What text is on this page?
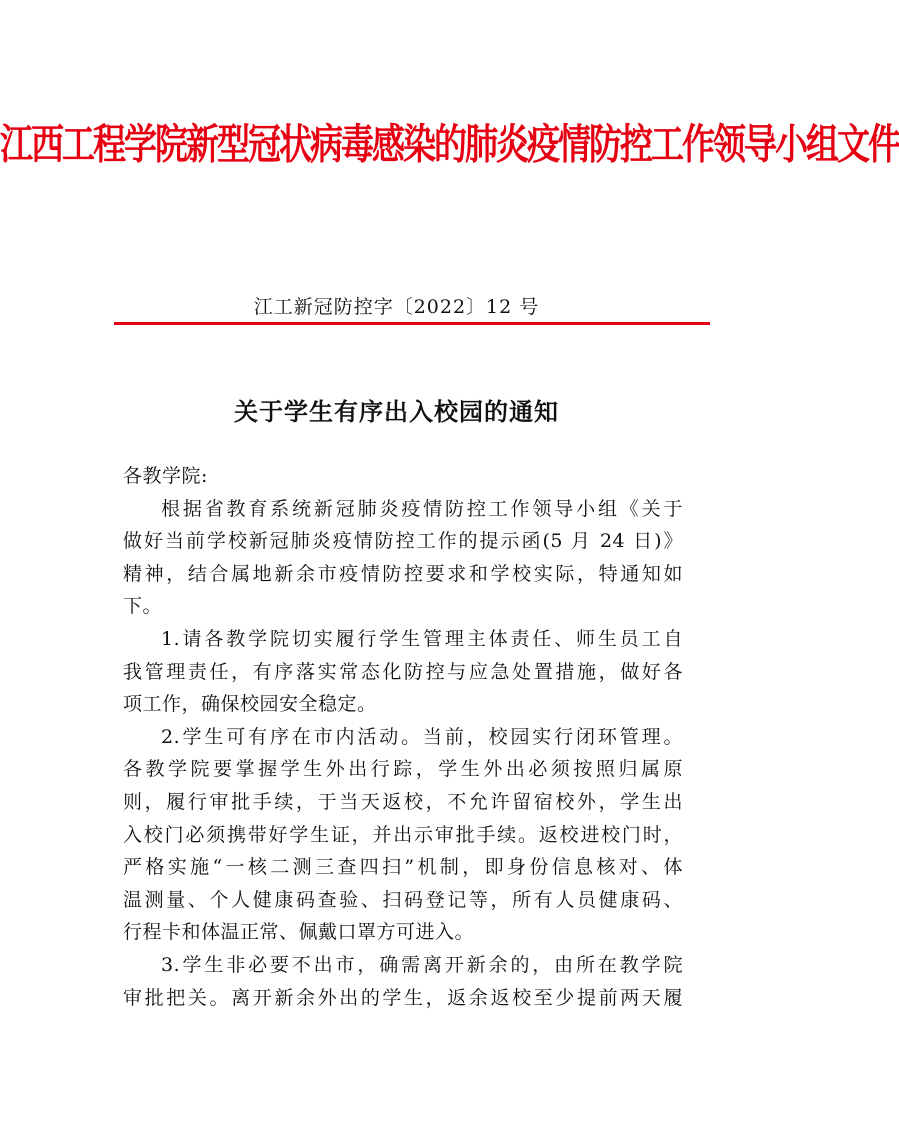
江西工程学院新型冠状病毒感染的肺炎疫情防控工作领导小组文件
江工新冠防控字〔2022〕12 号
关于学生有序出入校园的通知
各教学院:
根据省教育系统新冠肺炎疫情防控工作领导小组《关于
做好当前学校新冠肺炎疫情防控工作的提示函(5 月 24 日)》
精神，结合属地新余市疫情防控要求和学校实际，特通知如
下。
1.请各教学院切实履行学生管理主体责任、师生员工自
我管理责任，有序落实常态化防控与应急处置措施，做好各
项工作，确保校园安全稳定。
2.学生可有序在市内活动。当前，校园实行闭环管理。
各教学院要掌握学生外出行踪，学生外出必须按照归属原
则，履行审批手续，于当天返校，不允许留宿校外，学生出
入校门必须携带好学生证，并出示审批手续。返校进校门时，
严格实施“一核二测三查四扫”机制，即身份信息核对、体
温测量、个人健康码查验、扫码登记等，所有人员健康码、
行程卡和体温正常、佩戴口罩方可进入。
3.学生非必要不出市，确需离开新余的，由所在教学院
审批把关。离开新余外出的学生，返余返校至少提前两天履
